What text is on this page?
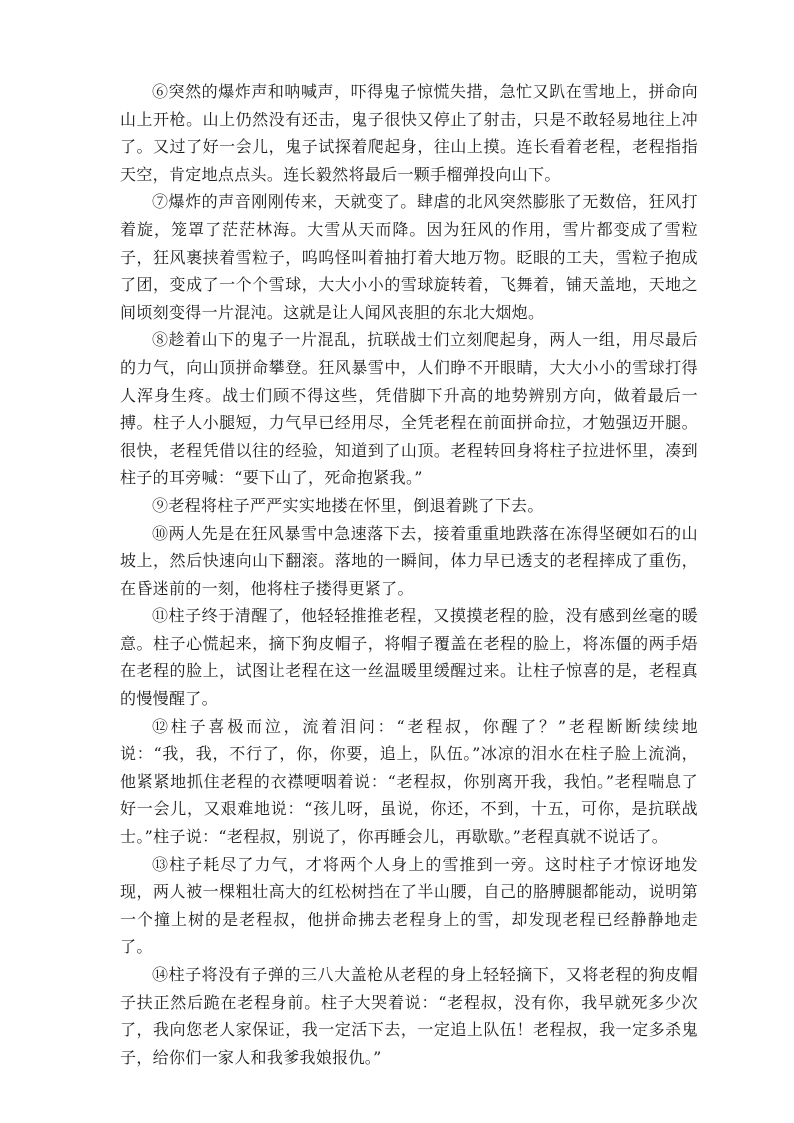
⑥突然的爆炸声和呐喊声，吓得鬼子惊慌失措，急忙又趴在雪地上，拼命向山上开枪。山上仍然没有还击，鬼子很快又停止了射击，只是不敢轻易地往上冲了。又过了好一会儿，鬼子试探着爬起身，往山上摸。连长看着老程，老程指指天空，肯定地点点头。连长毅然将最后一颗手榴弹投向山下。

⑦爆炸的声音刚刚传来，天就变了。肆虐的北风突然膨胀了无数倍，狂风打着旋，笼罩了茫茫林海。大雪从天而降。因为狂风的作用，雪片都变成了雪粒子，狂风裹挟着雪粒子，呜呜怪叫着抽打着大地万物。眨眼的工夫，雪粒子抱成了团，变成了一个个雪球，大大小小的雪球旋转着，飞舞着，铺天盖地，天地之间顷刻变得一片混沌。这就是让人闻风丧胆的东北大烟炮。

⑧趁着山下的鬼子一片混乱，抗联战士们立刻爬起身，两人一组，用尽最后的力气，向山顶拼命攀登。狂风暴雪中，人们睁不开眼睛，大大小小的雪球打得人浑身生疼。战士们顾不得这些，凭借脚下升高的地势辨别方向，做着最后一搏。柱子人小腿短，力气早已经用尽，全凭老程在前面拼命拉，才勉强迈开腿。很快，老程凭借以往的经验，知道到了山顶。老程转回身将柱子拉进怀里，凑到柱子的耳旁喊：“要下山了，死命抱紧我。”

⑨老程将柱子严严实实地搂在怀里，倒退着跳了下去。

⑩两人先是在狂风暴雪中急速落下去，接着重重地跌落在冻得坚硬如石的山坡上，然后快速向山下翻滚。落地的一瞬间，体力早已透支的老程摔成了重伤，在昏迷前的一刻，他将柱子搂得更紧了。

⑪柱子终于清醒了，他轻轻推推老程，又摸摸老程的脸，没有感到丝毫的暖意。柱子心慌起来，摘下狗皮帽子，将帽子覆盖在老程的脸上，将冻僵的两手焐在老程的脸上，试图让老程在这一丝温暖里缓醒过来。让柱子惊喜的是，老程真的慢慢醒了。

⑫柱子喜极而泣，流着泪问：“老程叔，你醒了？”老程断断续续地说：“我，我，不行了，你，你要，追上，队伍。”冰凉的泪水在柱子脸上流淌，他紧紧地抓住老程的衣襟哽咽着说：“老程叔，你别离开我，我怕。”老程喘息了好一会儿，又艰难地说：“孩儿呀，虽说，你还，不到，十五，可你，是抗联战士。”柱子说：“老程叔，别说了，你再睡会儿，再歇歇。”老程真就不说话了。

⑬柱子耗尽了力气，才将两个人身上的雪推到一旁。这时柱子才惊讶地发现，两人被一棵粗壮高大的红松树挡在了半山腰，自己的胳膊腿都能动，说明第一个撞上树的是老程叔，他拼命拂去老程身上的雪，却发现老程已经静静地走了。

⑭柱子将没有子弹的三八大盖枪从老程的身上轻轻摘下，又将老程的狗皮帽子扶正然后跪在老程身前。柱子大哭着说：“老程叔，没有你，我早就死多少次了，我向您老人家保证，我一定活下去，一定追上队伍！老程叔，我一定多杀鬼子，给你们一家人和我爹我娘报仇。”
